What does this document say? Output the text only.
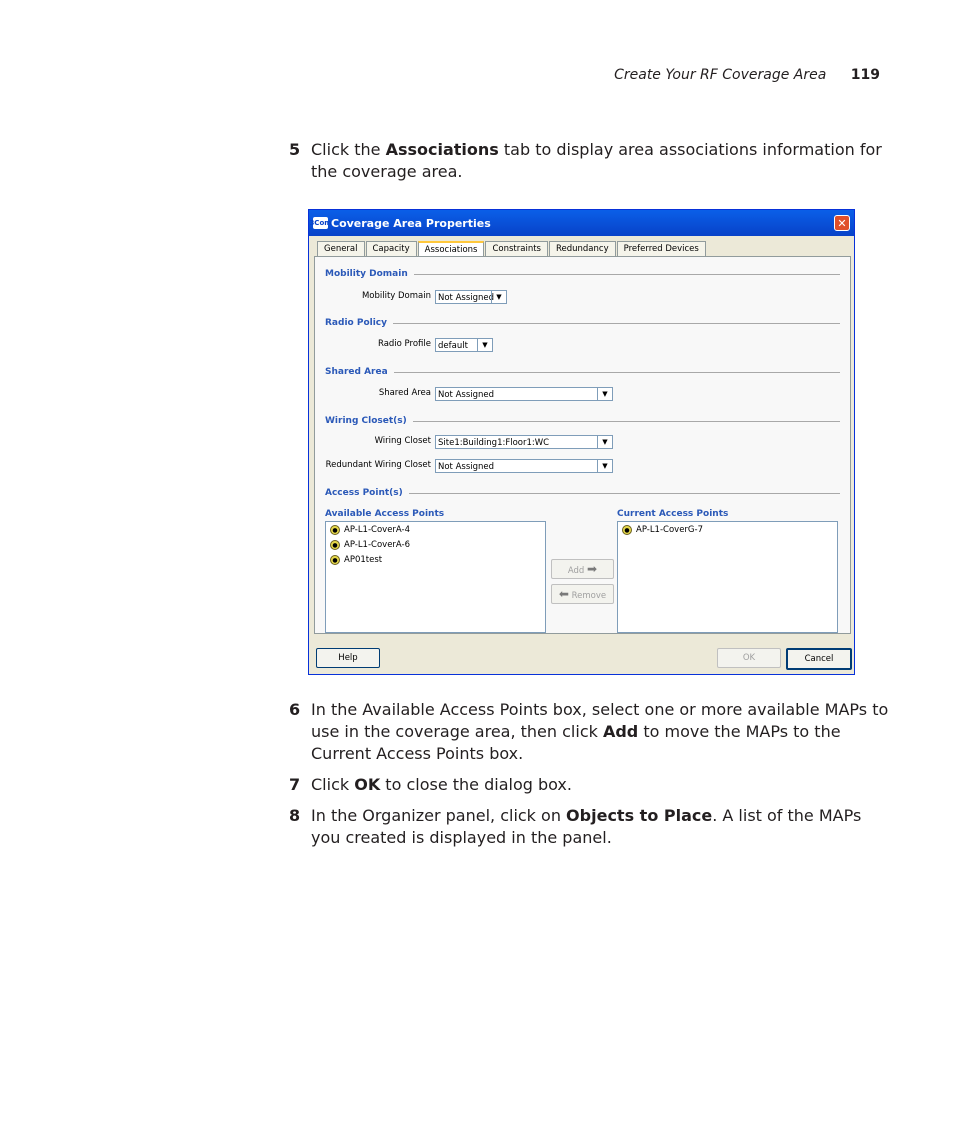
Create Your RF Coverage Area 119
5 Click the Associations tab to display area associations information for the coverage area.
3Com Coverage Area Properties	✕
General	Capacity	Associations	Constraints	Redundancy	Preferred Devices
Mobility Domain
Mobility Domain Not Assigned ▼
Radio Policy
Radio Profile default	▼
Shared Area
Shared Area Not Assigned	▼
Wiring Closet(s)
Wiring Closet Site1:Building1:Floor1:WC	▼
Redundant Wiring Closet Not Assigned	▼
Access Point(s)
Available Access Points
● AP-L1-CoverA-4
● AP-L1-CoverA-6
● AP01test
Add ➡
⬅ Remove
Current Access Points
● AP-L1-CoverG-7
Help	OK	Cancel
6 In the Available Access Points box, select one or more available MAPs to use in the coverage area, then click Add to move the MAPs to the Current Access Points box.
7 Click OK to close the dialog box.
8 In the Organizer panel, click on Objects to Place. A list of the MAPs you created is displayed in the panel.
